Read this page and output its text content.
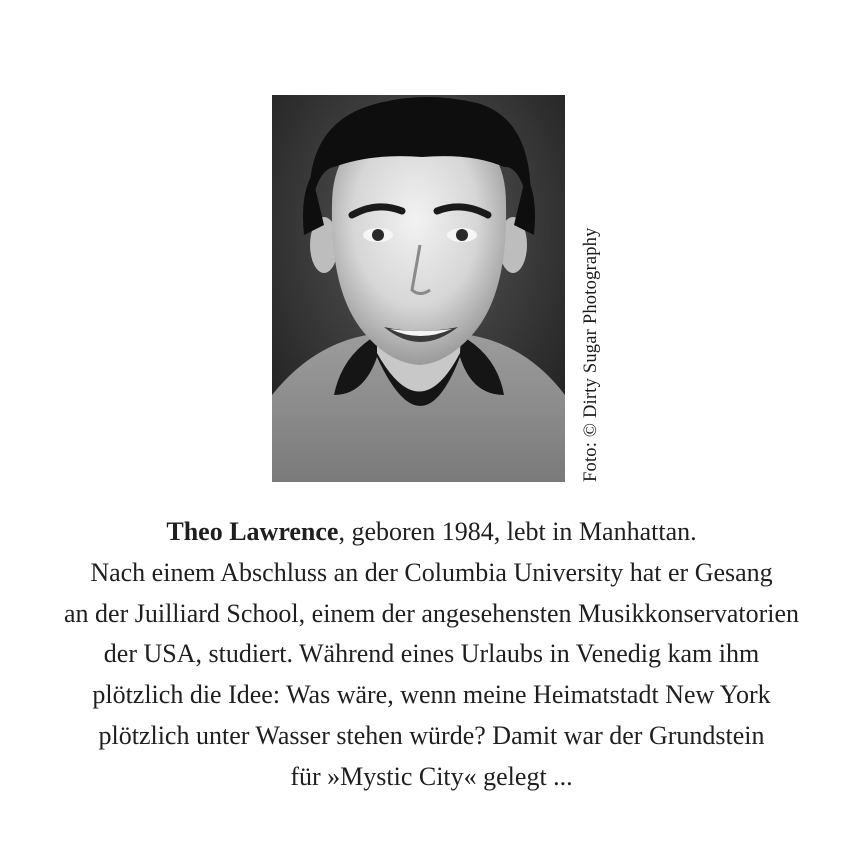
Foto: © Dirty Sugar Photography
Theo Lawrence, geboren 1984, lebt in Manhattan.
Nach einem Abschluss an der Columbia University hat er Gesang
an der Juilliard School, einem der angesehensten Musikkonservatorien
der USA, studiert. Während eines Urlaubs in Venedig kam ihm
plötzlich die Idee: Was wäre, wenn meine Heimatstadt New York
plötzlich unter Wasser stehen würde? Damit war der Grundstein
für »Mystic City« gelegt ...
